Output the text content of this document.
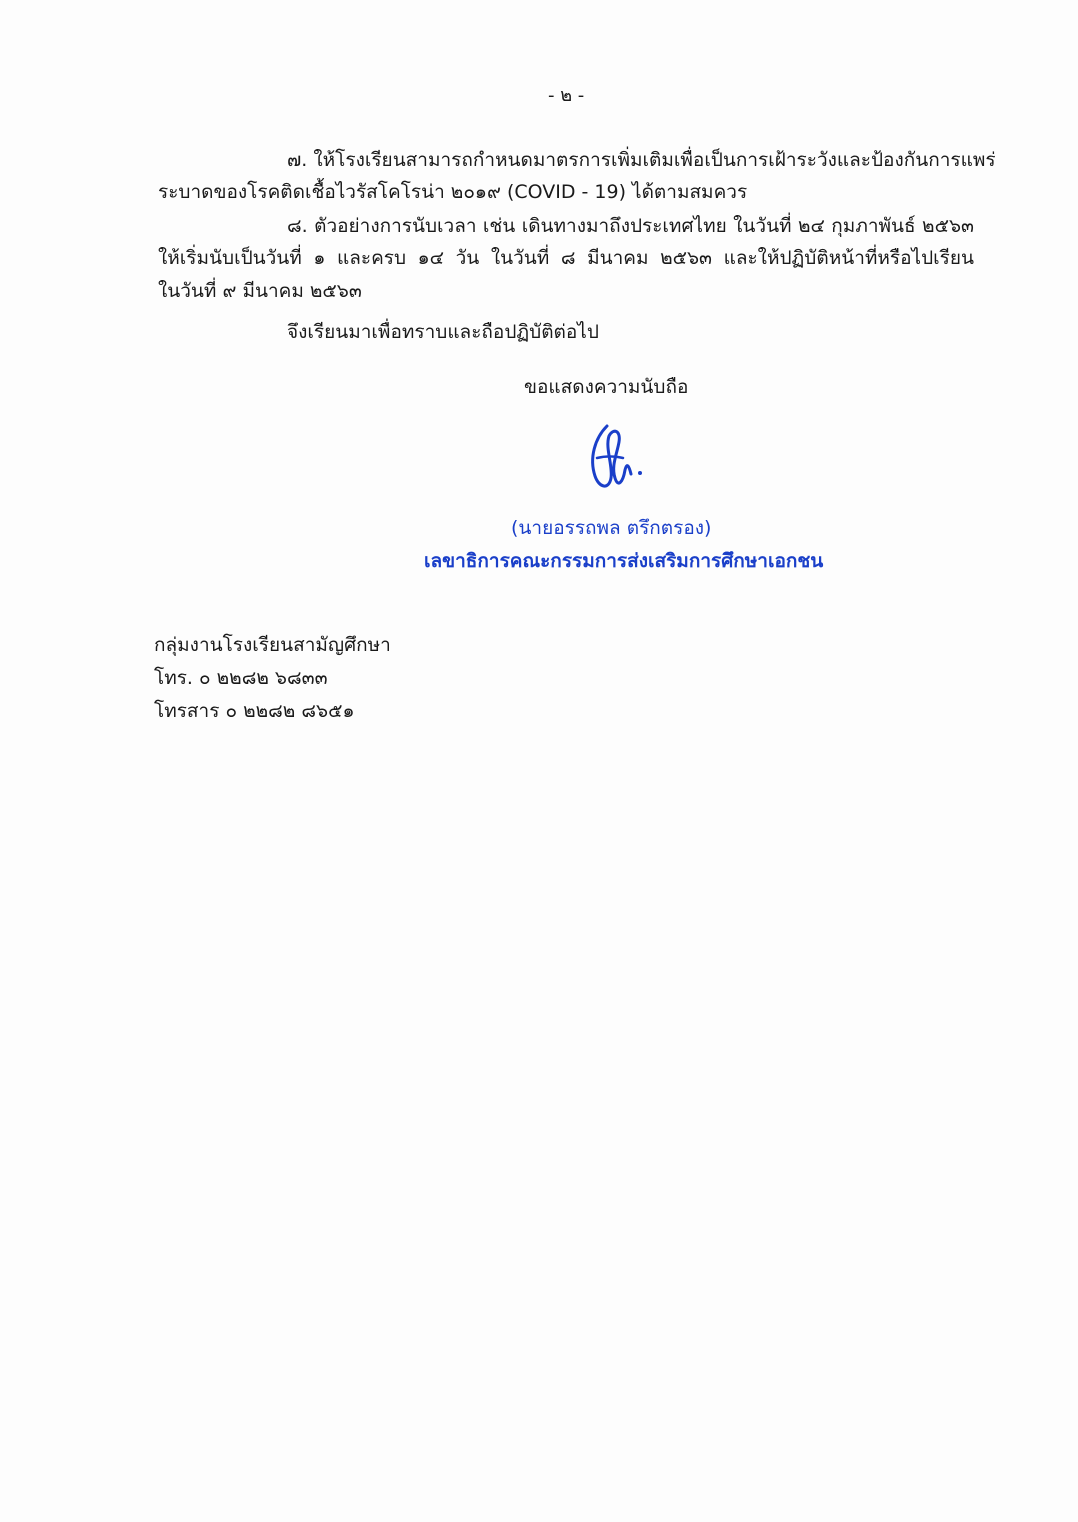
- ๒ -
๗. ให้โรงเรียนสามารถกำหนดมาตรการเพิ่มเติมเพื่อเป็นการเฝ้าระวังและป้องกันการแพร่
ระบาดของโรคติดเชื้อไวรัสโคโรน่า ๒๐๑๙ (COVID - 19) ได้ตามสมควร
๘. ตัวอย่างการนับเวลา เช่น เดินทางมาถึงประเทศไทย ในวันที่ ๒๔ กุมภาพันธ์ ๒๕๖๓
ให้เริ่มนับเป็นวันที่ ๑ และครบ ๑๔ วัน ในวันที่ ๘ มีนาคม ๒๕๖๓ และให้ปฏิบัติหน้าที่หรือไปเรียน
ในวันที่ ๙ มีนาคม ๒๕๖๓
จึงเรียนมาเพื่อทราบและถือปฏิบัติต่อไป
ขอแสดงความนับถือ
(นายอรรถพล ตรึกตรอง)
เลขาธิการคณะกรรมการส่งเสริมการศึกษาเอกชน
กลุ่มงานโรงเรียนสามัญศึกษา
โทร. ๐ ๒๒๘๒ ๖๘๓๓
โทรสาร ๐ ๒๒๘๒ ๘๖๕๑
